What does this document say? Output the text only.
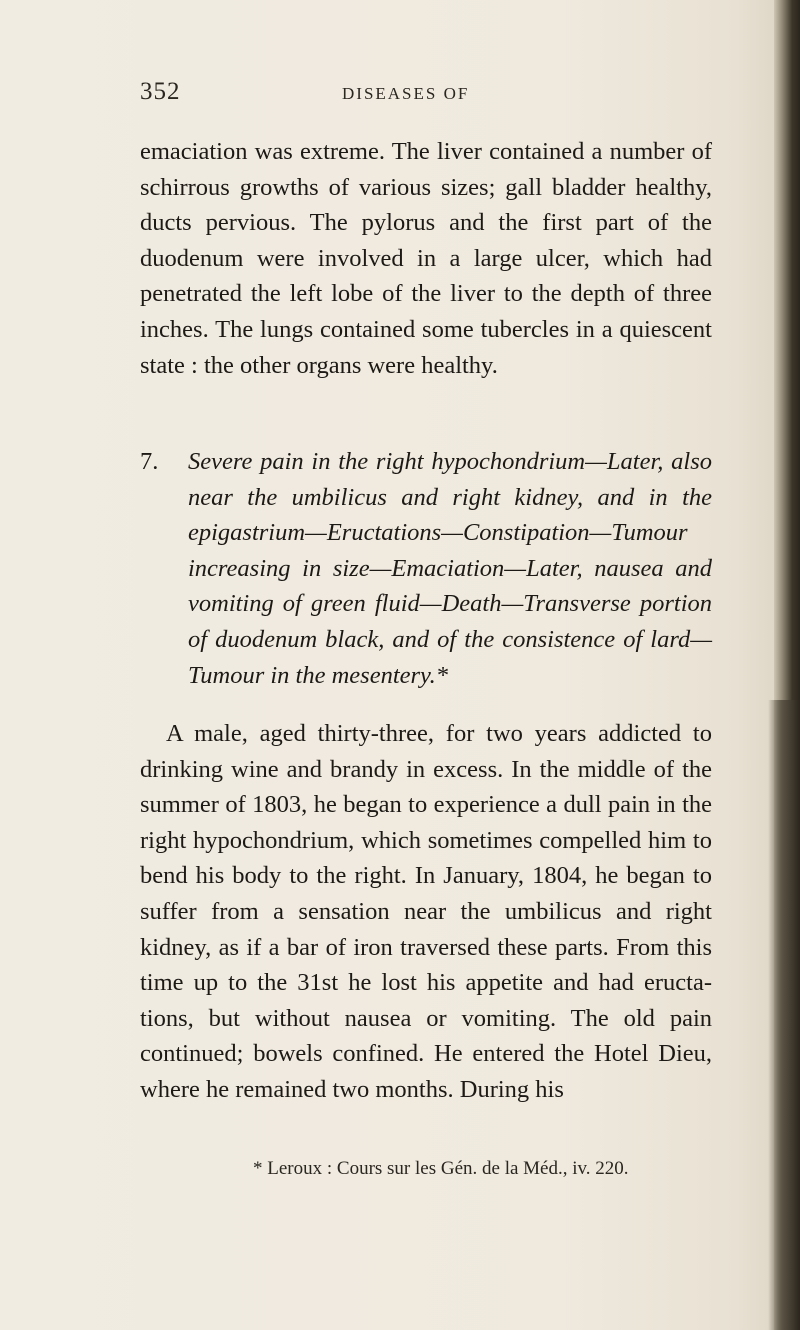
352	DISEASES OF

emaciation was extreme. The liver contained a number of schirrous growths of various sizes; gall bladder healthy, ducts pervious. The pylorus and the first part of the duodenum were involved in a large ulcer, which had penetrated the left lobe of the liver to the depth of three inches. The lungs contained some tubercles in a quiescent state : the other organs were healthy.

7.	Severe pain in the right hypochondrium—Later, also near the umbilicus and right kidney, and in the epigastrium—Eructations—Constipation—Tumour increasing in size—Emaciation—Later, nausea and vomiting of green fluid—Death—Transverse portion of duodenum black, and of the consistence of lard—Tumour in the mesentery.*

A male, aged thirty-three, for two years addicted to drinking wine and brandy in excess. In the middle of the summer of 1803, he began to experience a dull pain in the right hypochondrium, which sometimes compelled him to bend his body to the right. In January, 1804, he began to suffer from a sensation near the umbilicus and right kidney, as if a bar of iron traversed these parts. From this time up to the 31st he lost his appetite and had eructations, but without nausea or vomiting. The old pain continued; bowels confined. He entered the Hotel Dieu, where he remained two months. During his

* Leroux : Cours sur les Gén. de la Méd., iv. 220.
